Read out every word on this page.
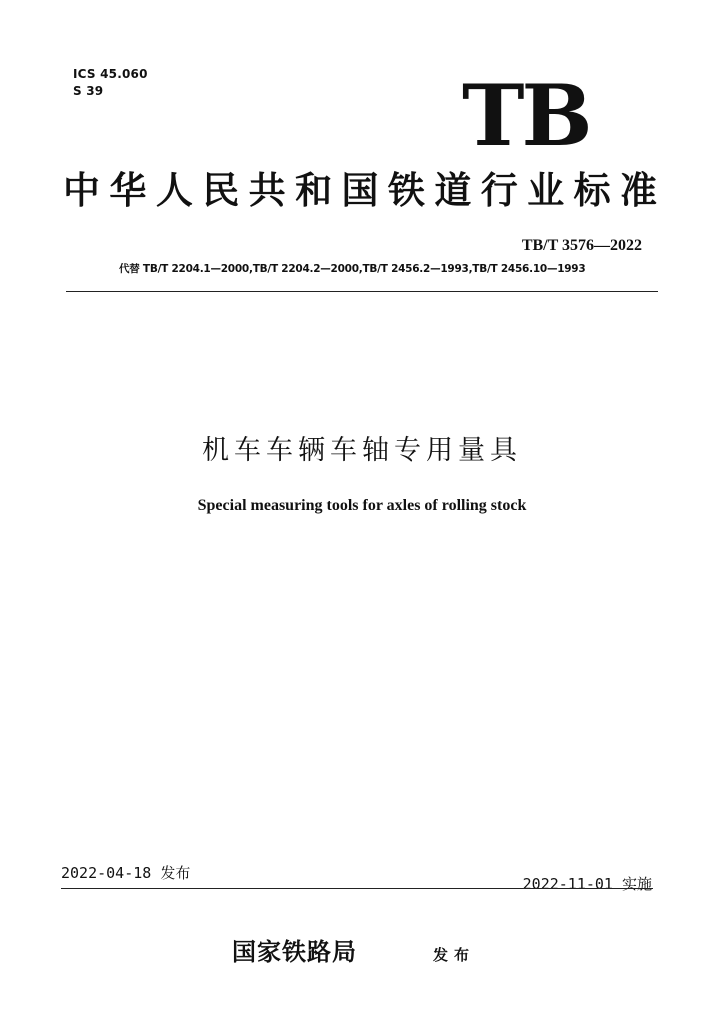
ICS 45.060
S 39	TB
中华人民共和国铁道行业标准
TB/T 3576—2022
代替 TB/T 2204.1—2000,TB/T 2204.2—2000,TB/T 2456.2—1993,TB/T 2456.10—1993
机车车辆车轴专用量具
Special measuring tools for axles of rolling stock
2022-04-18 发布
2022-11-01 实施
国家铁路局	发布
